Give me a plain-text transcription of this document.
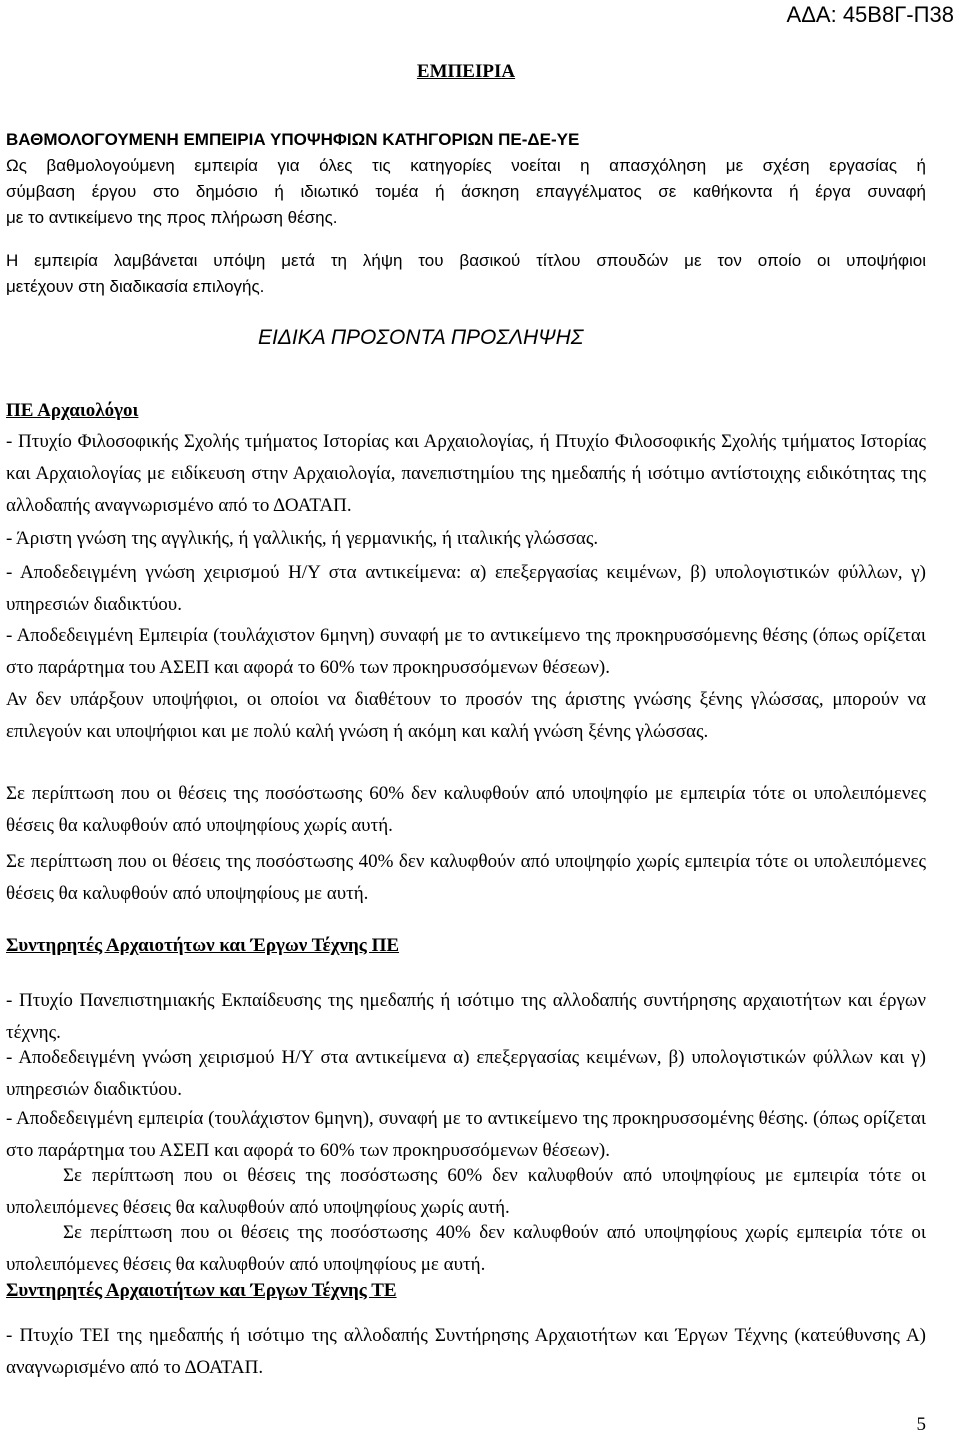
ΑΔΑ: 45Β8Γ-Π38
ΕΜΠΕΙΡΙΑ
ΒΑΘΜΟΛΟΓΟΥΜΕΝΗ ΕΜΠΕΙΡΙΑ ΥΠΟΨΗΦΙΩΝ ΚΑΤΗΓΟΡΙΩΝ ΠΕ-ΔΕ-ΥΕ
Ως βαθμολογούμενη εμπειρία για όλες τις κατηγορίες νοείται η απασχόληση με σχέση εργασίας ή
σύμβαση έργου στο δημόσιο ή ιδιωτικό τομέα ή άσκηση επαγγέλματος σε καθήκοντα ή έργα συναφή
με το αντικείμενο της προς πλήρωση θέσης.
Η εμπειρία λαμβάνεται υπόψη μετά τη λήψη του βασικού τίτλου σπουδών με τον οποίο οι υποψήφιοι
μετέχουν στη διαδικασία επιλογής.
ΕΙΔΙΚΑ ΠΡΟΣΟΝΤΑ ΠΡΟΣΛΗΨΗΣ
ΠΕ Αρχαιολόγοι

- Πτυχίο Φιλοσοφικής Σχολής τμήματος Ιστορίας και Αρχαιολογίας, ή Πτυχίο Φιλοσοφικής Σχολής τμήματος Ιστορίας και Αρχαιολογίας με ειδίκευση στην Αρχαιολογία, πανεπιστημίου της ημεδαπής ή ισότιμο αντίστοιχης ειδικότητας της αλλοδαπής αναγνωρισμένο από το ΔΟΑΤΑΠ.

- Άριστη γνώση της αγγλικής, ή γαλλικής, ή γερμανικής, ή ιταλικής γλώσσας.

- Αποδεδειγμένη γνώση χειρισμού Η/Υ στα αντικείμενα: α) επεξεργασίας κειμένων, β) υπολογιστικών φύλλων, γ) υπηρεσιών διαδικτύου.

- Αποδεδειγμένη Εμπειρία (τουλάχιστον 6μηνη) συναφή με το αντικείμενο της προκηρυσσόμενης θέσης (όπως ορίζεται στο παράρτημα του ΑΣΕΠ και αφορά το 60% των προκηρυσσόμενων θέσεων).

Αν δεν υπάρξουν υποψήφιοι, οι οποίοι να διαθέτουν το προσόν της άριστης γνώσης ξένης γλώσσας, μπορούν να επιλεγούν και υποψήφιοι και με πολύ καλή γνώση ή ακόμη και καλή γνώση ξένης γλώσσας.

Σε περίπτωση που οι θέσεις της ποσόστωσης 60% δεν καλυφθούν από υποψηφίο με εμπειρία τότε οι υπολειπόμενες θέσεις θα καλυφθούν από υποψηφίους χωρίς αυτή.

Σε περίπτωση που οι θέσεις της ποσόστωσης 40% δεν καλυφθούν από υποψηφίο χωρίς εμπειρία τότε οι υπολειπόμενες θέσεις θα καλυφθούν από υποψηφίους με αυτή.

Συντηρητές Αρχαιοτήτων και Έργων Τέχνης ΠΕ

- Πτυχίο Πανεπιστημιακής Εκπαίδευσης της ημεδαπής ή ισότιμο της αλλοδαπής συντήρησης αρχαιοτήτων και έργων τέχνης.

- Αποδεδειγμένη γνώση χειρισμού Η/Υ στα αντικείμενα α) επεξεργασίας κειμένων, β) υπολογιστικών φύλλων και γ) υπηρεσιών διαδικτύου.

- Αποδεδειγμένη εμπειρία (τουλάχιστον 6μηνη), συναφή με το αντικείμενο της προκηρυσσομένης θέσης. (όπως ορίζεται στο παράρτημα του ΑΣΕΠ και αφορά το 60% των προκηρυσσόμενων θέσεων).

Σε περίπτωση που οι θέσεις της ποσόστωσης 60% δεν καλυφθούν από υποψηφίους με εμπειρία τότε οι υπολειπόμενες θέσεις θα καλυφθούν από υποψηφίους χωρίς αυτή.

Σε περίπτωση που οι θέσεις της ποσόστωσης 40% δεν καλυφθούν από υποψηφίους χωρίς εμπειρία τότε οι υπολειπόμενες θέσεις θα καλυφθούν από υποψηφίους με αυτή.

Συντηρητές Αρχαιοτήτων και Έργων Τέχνης ΤΕ

- Πτυχίο ΤΕΙ της ημεδαπής ή ισότιμο της αλλοδαπής Συντήρησης Αρχαιοτήτων και Έργων Τέχνης (κατεύθυνσης Α) αναγνωρισμένο από το ΔΟΑΤΑΠ.

5
